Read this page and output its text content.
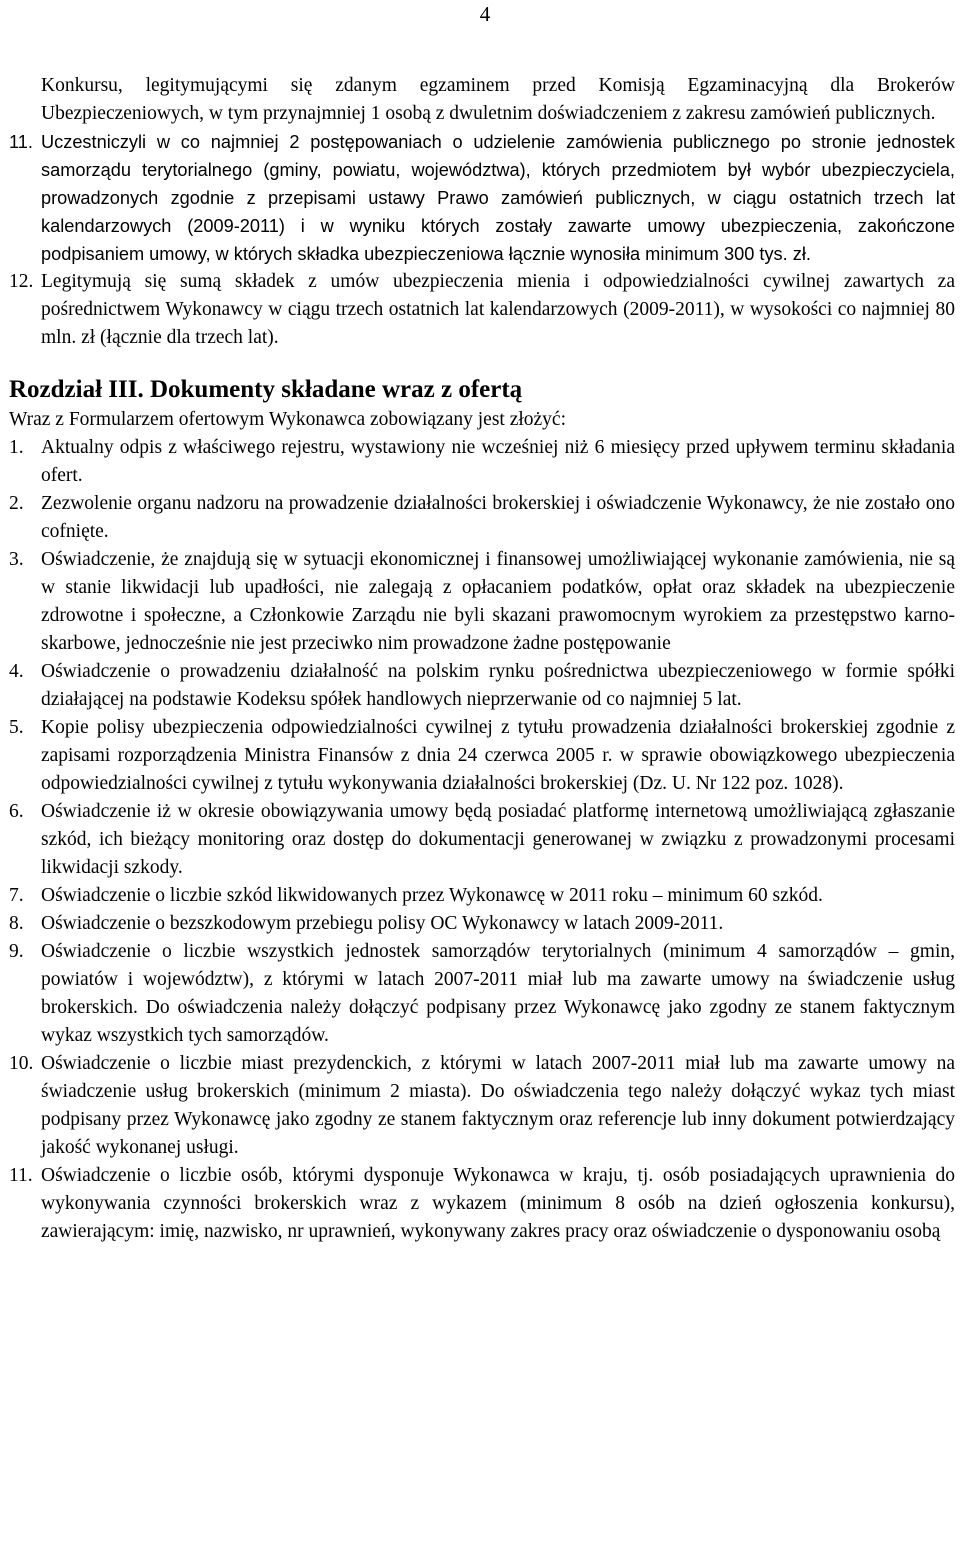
4
Konkursu, legitymującymi się zdanym egzaminem przed Komisją Egzaminacyjną dla Brokerów Ubezpieczeniowych, w tym przynajmniej 1 osobą z dwuletnim doświadczeniem z zakresu zamówień publicznych.
11. Uczestniczyli w co najmniej 2 postępowaniach o udzielenie zamówienia publicznego po stronie jednostek samorządu terytorialnego (gminy, powiatu, województwa), których przedmiotem był wybór ubezpieczyciela, prowadzonych zgodnie z przepisami ustawy Prawo zamówień publicznych, w ciągu ostatnich trzech lat kalendarzowych (2009-2011) i w wyniku których zostały zawarte umowy ubezpieczenia, zakończone podpisaniem umowy, w których składka ubezpieczeniowa łącznie wynosiła minimum 300 tys. zł.
12. Legitymują się sumą składek z umów ubezpieczenia mienia i odpowiedzialności cywilnej zawartych za pośrednictwem Wykonawcy w ciągu trzech ostatnich lat kalendarzowych (2009-2011), w wysokości co najmniej 80 mln. zł (łącznie dla trzech lat).
Rozdział III. Dokumenty składane wraz z ofertą
Wraz z Formularzem ofertowym Wykonawca zobowiązany jest złożyć:
1. Aktualny odpis z właściwego rejestru, wystawiony nie wcześniej niż 6 miesięcy przed upływem terminu składania ofert.
2. Zezwolenie organu nadzoru na prowadzenie działalności brokerskiej i oświadczenie Wykonawcy, że nie zostało ono cofnięte.
3. Oświadczenie, że znajdują się w sytuacji ekonomicznej i finansowej umożliwiającej wykonanie zamówienia, nie są w stanie likwidacji lub upadłości, nie zalegają z opłacaniem podatków, opłat oraz składek na ubezpieczenie zdrowotne i społeczne, a Członkowie Zarządu nie byli skazani prawomocnym wyrokiem za przestępstwo karno-skarbowe, jednocześnie nie jest przeciwko nim prowadzone żadne postępowanie
4. Oświadczenie o prowadzeniu działalność na polskim rynku pośrednictwa ubezpieczeniowego w formie spółki działającej na podstawie Kodeksu spółek handlowych nieprzerwanie od co najmniej 5 lat.
5. Kopie polisy ubezpieczenia odpowiedzialności cywilnej z tytułu prowadzenia działalności brokerskiej zgodnie z zapisami rozporządzenia Ministra Finansów z dnia 24 czerwca 2005 r. w sprawie obowiązkowego ubezpieczenia odpowiedzialności cywilnej z tytułu wykonywania działalności brokerskiej (Dz. U. Nr 122 poz. 1028).
6. Oświadczenie iż w okresie obowiązywania umowy będą posiadać platformę internetową umożliwiającą zgłaszanie szkód, ich bieżący monitoring oraz dostęp do dokumentacji generowanej w związku z prowadzonymi procesami likwidacji szkody.
7. Oświadczenie o liczbie szkód likwidowanych przez Wykonawcę w 2011 roku – minimum 60 szkód.
8. Oświadczenie o bezszkodowym przebiegu polisy OC Wykonawcy w latach 2009-2011.
9. Oświadczenie o liczbie wszystkich jednostek samorządów terytorialnych (minimum 4 samorządów – gmin, powiatów i województw), z którymi w latach 2007-2011 miał lub ma zawarte umowy na świadczenie usług brokerskich. Do oświadczenia należy dołączyć podpisany przez Wykonawcę jako zgodny ze stanem faktycznym wykaz wszystkich tych samorządów.
10. Oświadczenie o liczbie miast prezydenckich, z którymi w latach 2007-2011 miał lub ma zawarte umowy na świadczenie usług brokerskich (minimum 2 miasta). Do oświadczenia tego należy dołączyć wykaz tych miast podpisany przez Wykonawcę jako zgodny ze stanem faktycznym oraz referencje lub inny dokument potwierdzający jakość wykonanej usługi.
11. Oświadczenie o liczbie osób, którymi dysponuje Wykonawca w kraju, tj. osób posiadających uprawnienia do wykonywania czynności brokerskich wraz z wykazem (minimum 8 osób na dzień ogłoszenia konkursu), zawierającym: imię, nazwisko, nr uprawnień, wykonywany zakres pracy oraz oświadczenie o dysponowaniu osobą
